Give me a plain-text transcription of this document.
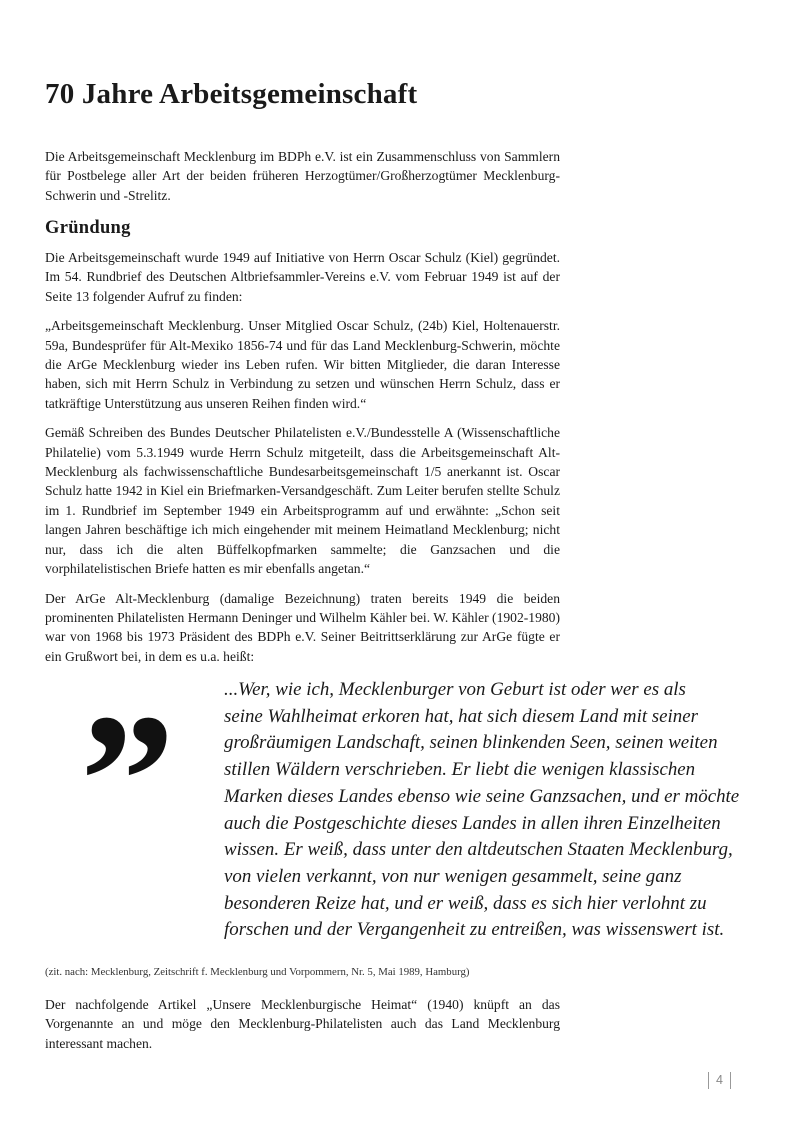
70 Jahre Arbeitsgemeinschaft

Die Arbeitsgemeinschaft Mecklenburg im BDPh e.V. ist ein Zusammenschluss von Sammlern für Postbelege aller Art der beiden früheren Herzogtümer/Großherzogtümer Mecklenburg-Schwerin und -Strelitz.

Gründung

Die Arbeitsgemeinschaft wurde 1949 auf Initiative von Herrn Oscar Schulz (Kiel) gegründet. Im 54. Rundbrief des Deutschen Altbriefsammler-Vereins e.V. vom Februar 1949 ist auf der Seite 13 folgender Aufruf zu finden:

„Arbeitsgemeinschaft Mecklenburg. Unser Mitglied Oscar Schulz, (24b) Kiel, Holtenauerstr. 59a, Bundesprüfer für Alt-Mexiko 1856-74 und für das Land Mecklenburg-Schwerin, möchte die ArGe Mecklenburg wieder ins Leben rufen. Wir bitten Mitglieder, die daran Interesse haben, sich mit Herrn Schulz in Verbindung zu setzen und wünschen Herrn Schulz, dass er tatkräftige Unterstützung aus unseren Reihen finden wird.“

Gemäß Schreiben des Bundes Deutscher Philatelisten e.V./Bundesstelle A (Wissenschaftliche Philatelie) vom 5.3.1949 wurde Herrn Schulz mitgeteilt, dass die Arbeitsgemeinschaft Alt-Mecklenburg als fachwissenschaftliche Bundesarbeitsgemeinschaft 1/5 anerkannt ist. Oscar Schulz hatte 1942 in Kiel ein Briefmarken-Versandgeschäft. Zum Leiter berufen stellte Schulz im 1. Rundbrief im September 1949 ein Arbeitsprogramm auf und erwähnte: „Schon seit langen Jahren beschäftige ich mich eingehender mit meinem Heimatland Mecklenburg; nicht nur, dass ich die alten Büffelkopfmarken sammelte; die Ganzsachen und die vorphilatelistischen Briefe hatten es mir ebenfalls angetan.“

Der ArGe Alt-Mecklenburg (damalige Bezeichnung) traten bereits 1949 die beiden prominenten Philatelisten Hermann Deninger und Wilhelm Kähler bei. W. Kähler (1902-1980) war von 1968 bis 1973 Präsident des BDPh e.V. Seiner Beitrittserklärung zur ArGe fügte er ein Grußwort bei, in dem es u.a. heißt:

”	...Wer, wie ich, Mecklenburger von Geburt ist oder wer es als
seine Wahlheimat erkoren hat, hat sich diesem Land mit seiner
großräumigen Landschaft, seinen blinkenden Seen, seinen weiten
stillen Wäldern verschrieben. Er liebt die wenigen klassischen
Marken dieses Landes ebenso wie seine Ganzsachen, und er möchte
auch die Postgeschichte dieses Landes in allen ihren Einzelheiten
wissen. Er weiß, dass unter den altdeutschen Staaten Mecklenburg,
von vielen verkannt, von nur wenigen gesammelt, seine ganz
besonderen Reize hat, und er weiß, dass es sich hier verlohnt zu
forschen und der Vergangenheit zu entreißen, was wissenswert ist.

(zit. nach: Mecklenburg, Zeitschrift f. Mecklenburg und Vorpommern, Nr. 5, Mai 1989, Hamburg)

Der nachfolgende Artikel „Unsere Mecklenburgische Heimat“ (1940) knüpft an das Vorgenannte an und möge den Mecklenburg-Philatelisten auch das Land Mecklenburg interessant machen.

4
